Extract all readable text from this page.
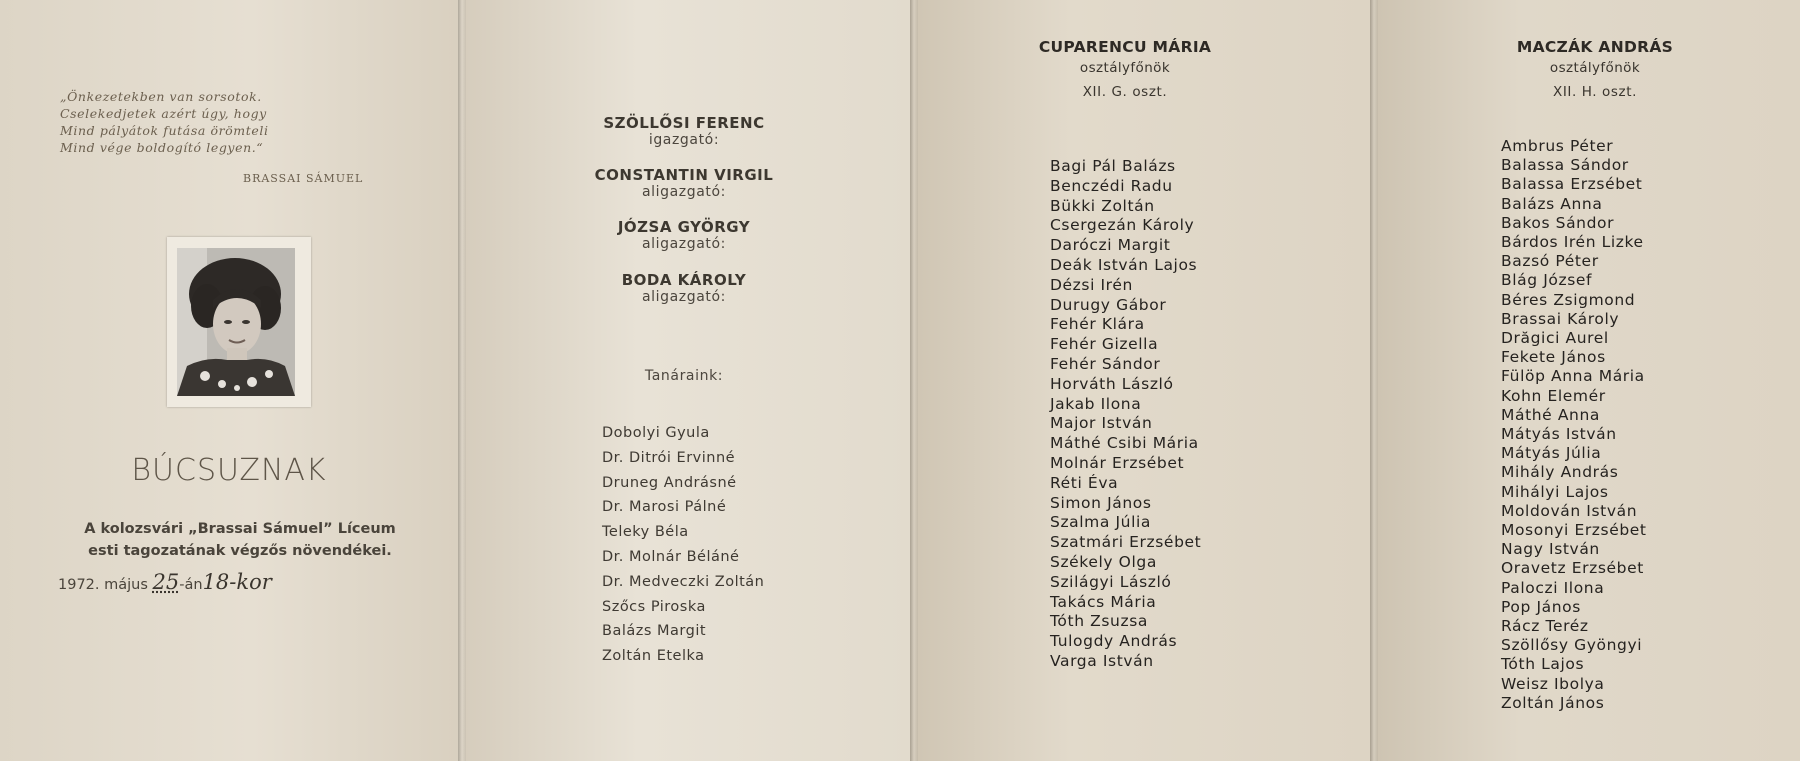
„Önkezetekben van sorsotok.
Cselekedjetek azért úgy, hogy
Mind pályátok futása örömteli
Mind vége boldogító legyen.“
BRASSAI SÁMUEL
BÚCSUZNAK
A kolozsvári „Brassai Sámuel” Líceum
esti tagozatának végzős növendékei.
1972. május 25-án18-kor
SZÖLLŐSI FERENC
igazgató:
CONSTANTIN VIRGIL
aligazgató:
JÓZSA GYÖRGY
aligazgató:
BODA KÁROLY
aligazgató:
Tanáraink:
Dobolyi Gyula
Dr. Ditrói Ervinné
Druneg Andrásné
Dr. Marosi Pálné
Teleky Béla
Dr. Molnár Béláné
Dr. Medveczki Zoltán
Szőcs Piroska
Balázs Margit
Zoltán Etelka
CUPARENCU MÁRIA
osztályfőnök
XII. G. oszt.
Bagi Pál Balázs
Benczédi Radu
Bükki Zoltán
Csergezán Károly
Daróczi Margit
Deák István Lajos
Dézsi Irén
Durugy Gábor
Fehér Klára
Fehér Gizella
Fehér Sándor
Horváth László
Jakab Ilona
Major István
Máthé Csibi Mária
Molnár Erzsébet
Réti Éva
Simon János
Szalma Júlia
Szatmári Erzsébet
Székely Olga
Szilágyi László
Takács Mária
Tóth Zsuzsa
Tulogdy András
Varga István
MACZÁK ANDRÁS
osztályfőnök
XII. H. oszt.
Ambrus Péter
Balassa Sándor
Balassa Erzsébet
Balázs Anna
Bakos Sándor
Bárdos Irén Lizke
Bazsó Péter
Blág József
Béres Zsigmond
Brassai Károly
Drăgici Aurel
Fekete János
Fülöp Anna Mária
Kohn Elemér
Máthé Anna
Mátyás István
Mátyás Júlia
Mihály András
Mihályi Lajos
Moldován István
Mosonyi Erzsébet
Nagy István
Oravetz Erzsébet
Paloczi Ilona
Pop János
Rácz Teréz
Szöllősy Gyöngyi
Tóth Lajos
Weisz Ibolya
Zoltán János
